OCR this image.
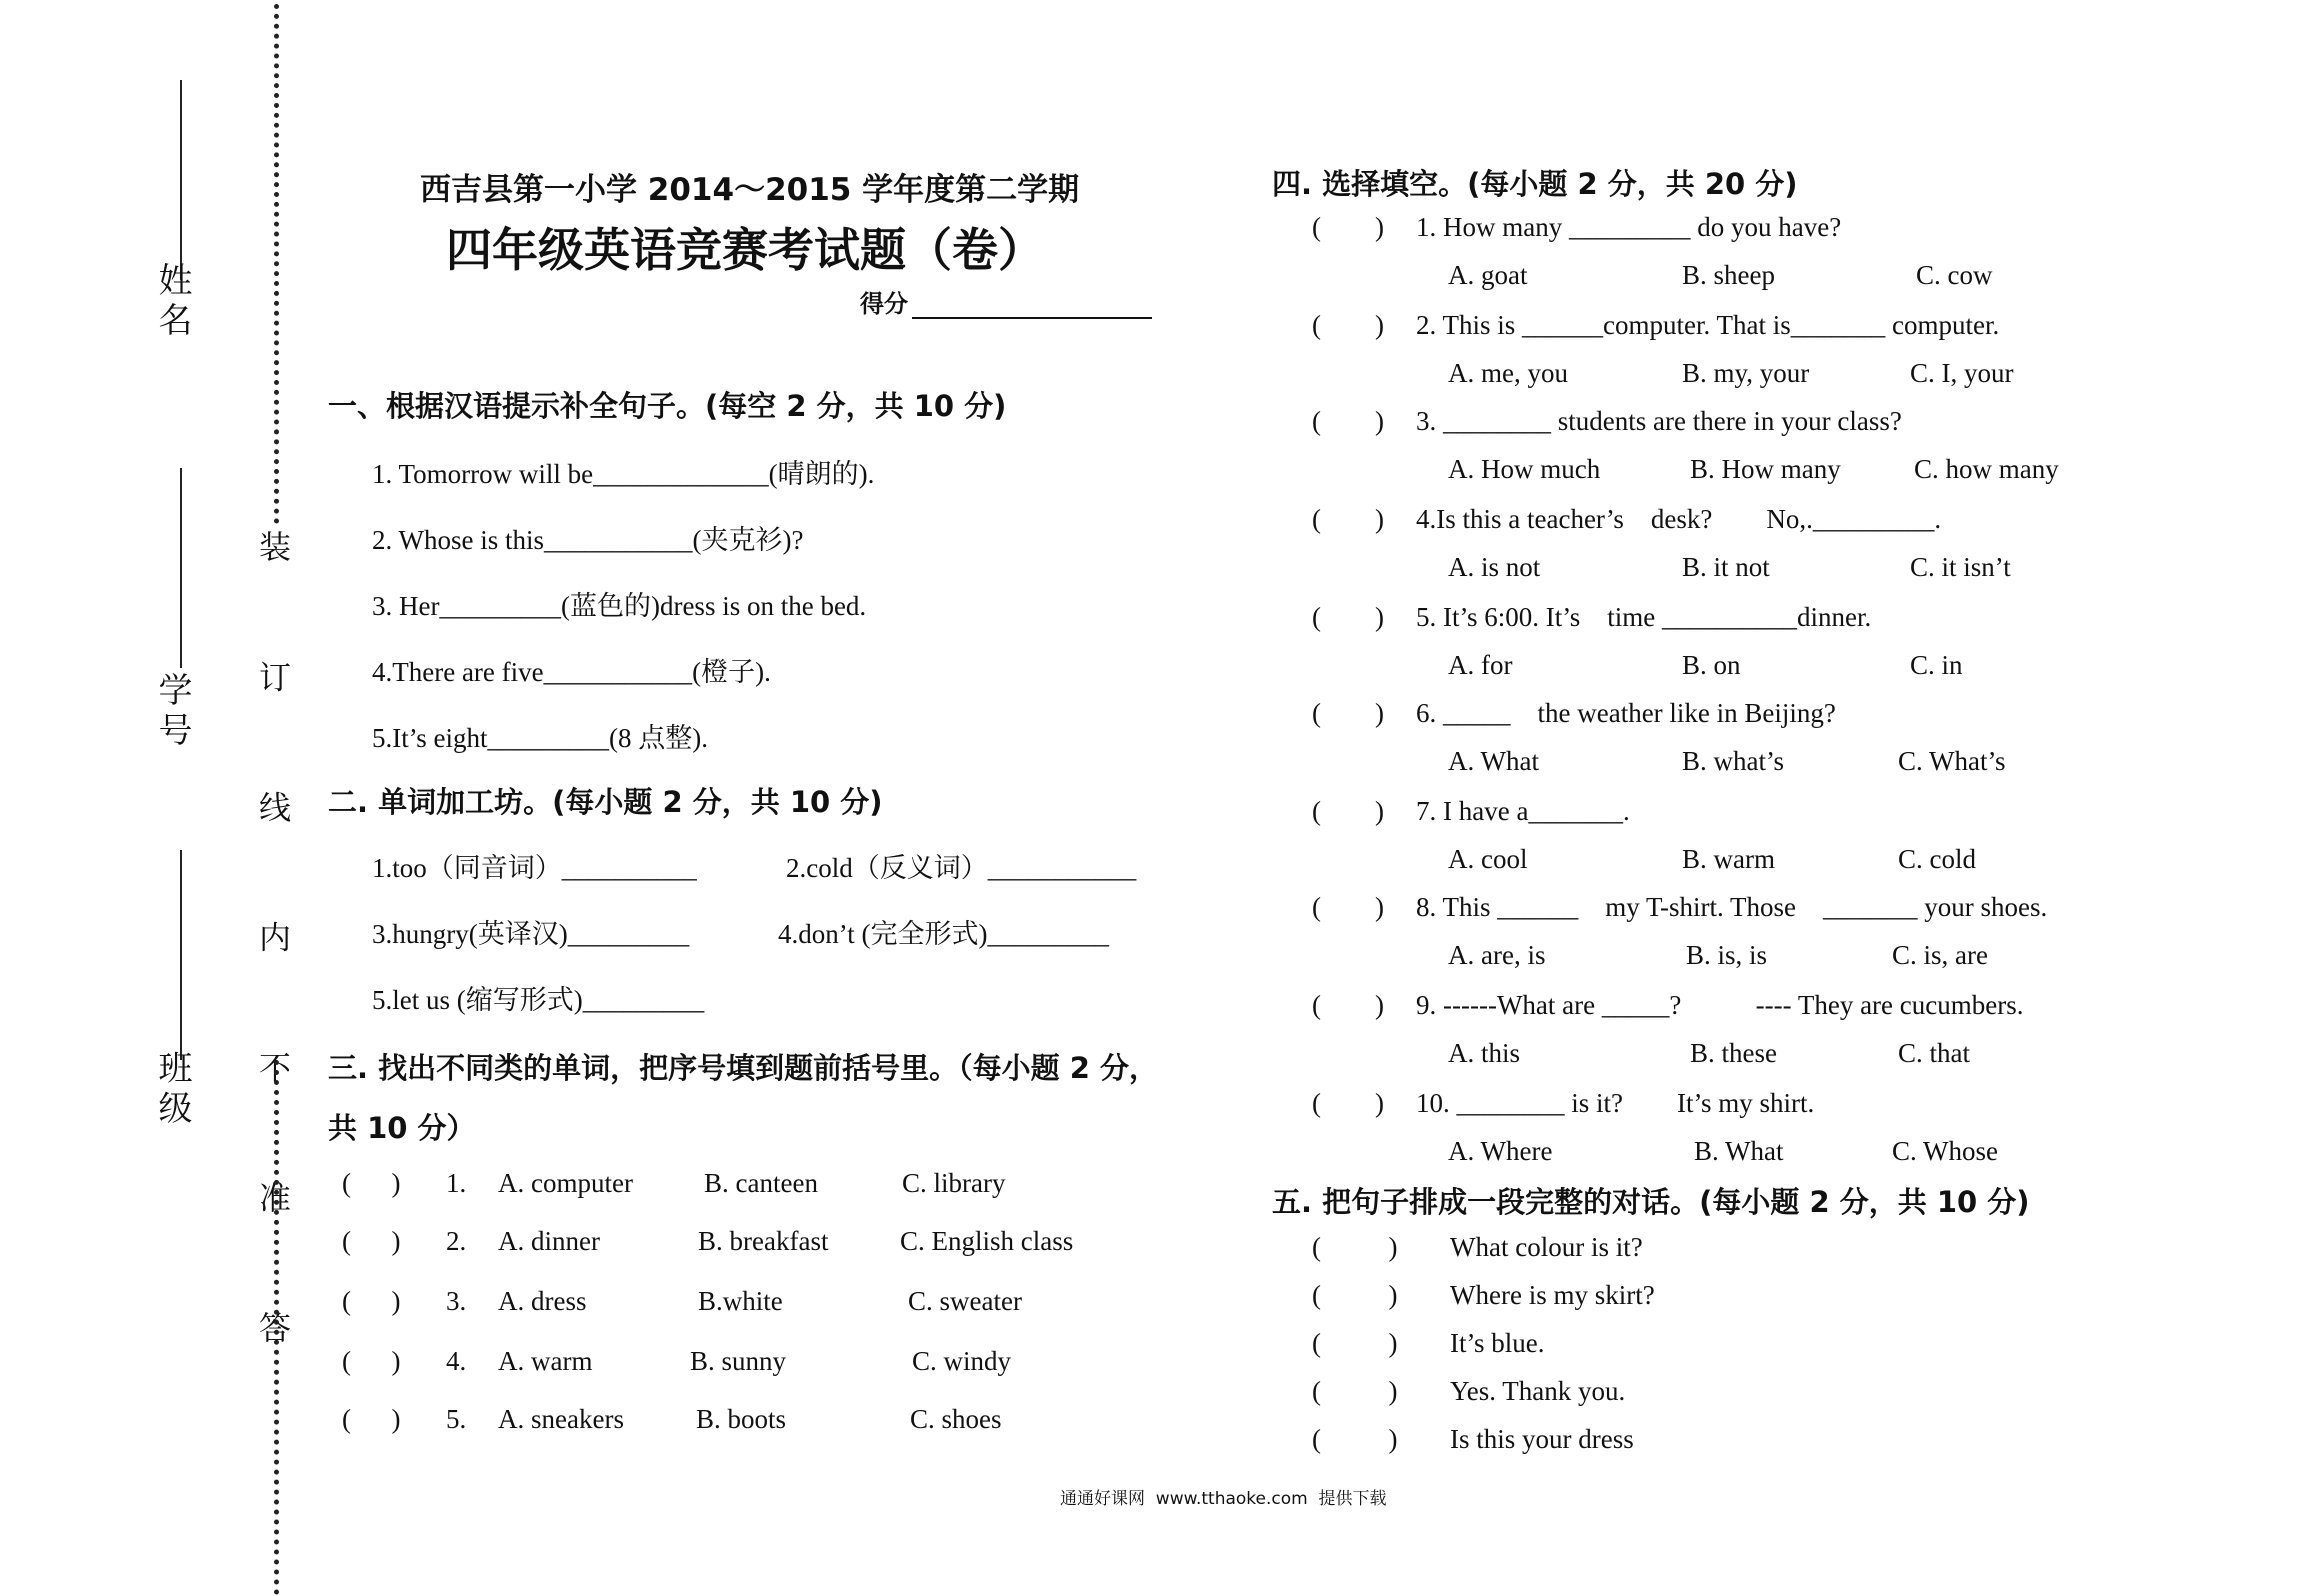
姓名
学号
班级 装 订 线 内 不 准 答
西吉县第一小学 2014～2015 学年度第二学期
四年级英语竞赛考试题（卷）
得分
一、根据汉语提示补全句子。(每空 2 分，共 10 分)
1. Tomorrow will be_____________(晴朗的).
2. Whose is this___________(夹克衫)?
3. Her_________(蓝色的)dress is on the bed.
4.There are five___________(橙子).
5.It’s eight_________(8 点整).
二. 单词加工坊。(每小题 2 分，共 10 分)
1.too（同音词）__________	2.cold（反义词）___________
3.hungry(英译汉)_________	4.don’t (完全形式)_________
5.let us (缩写形式)_________
三. 找出不同类的单词，把序号填到题前括号里。（每小题 2 分，
共 10 分）
(      ) 1. A. computer	B. canteen	C. library
(      ) 2. A. dinner	B. breakfast	C. English class
(      ) 3. A. dress	B.white	C. sweater
(      ) 4. A. warm	B. sunny	C. windy
(      ) 5. A. sneakers	B. boots	C. shoes
四. 选择填空。(每小题 2 分，共 20 分)
(        ) 1. How many _________ do you have?
A. goat	B. sheep	C. cow
(        ) 2. This is ______computer. That is_______ computer.
A. me, you	B. my, your	C. I, your
(        ) 3. ________ students are there in your class?
A. How much	B. How many	C. how many
(        ) 4.Is this a teacher’s    desk?        No,._________.
A. is not	B. it not	C. it isn’t
(        ) 5. It’s 6:00. It’s    time __________dinner.
A. for	B. on	C. in
(        ) 6. _____    the weather like in Beijing?
A. What	B. what’s	C. What’s
(        ) 7. I have a_______.
A. cool	B. warm	C. cold
(        ) 8. This ______    my T-shirt. Those    _______ your shoes.
A. are, is	B. is, is	C. is, are
(        ) 9. ------What are _____?           ---- They are cucumbers.
A. this	B. these	C. that
(        ) 10. ________ is it?        It’s my shirt.
A. Where	B. What	C. Whose
五. 把句子排成一段完整的对话。(每小题 2 分，共 10 分)
(          ) What colour is it?
(          ) Where is my skirt?
(          ) It’s blue.
(          ) Yes. Thank you.
(          ) Is this your dress
通通好课网  www.tthaoke.com  提供下载
